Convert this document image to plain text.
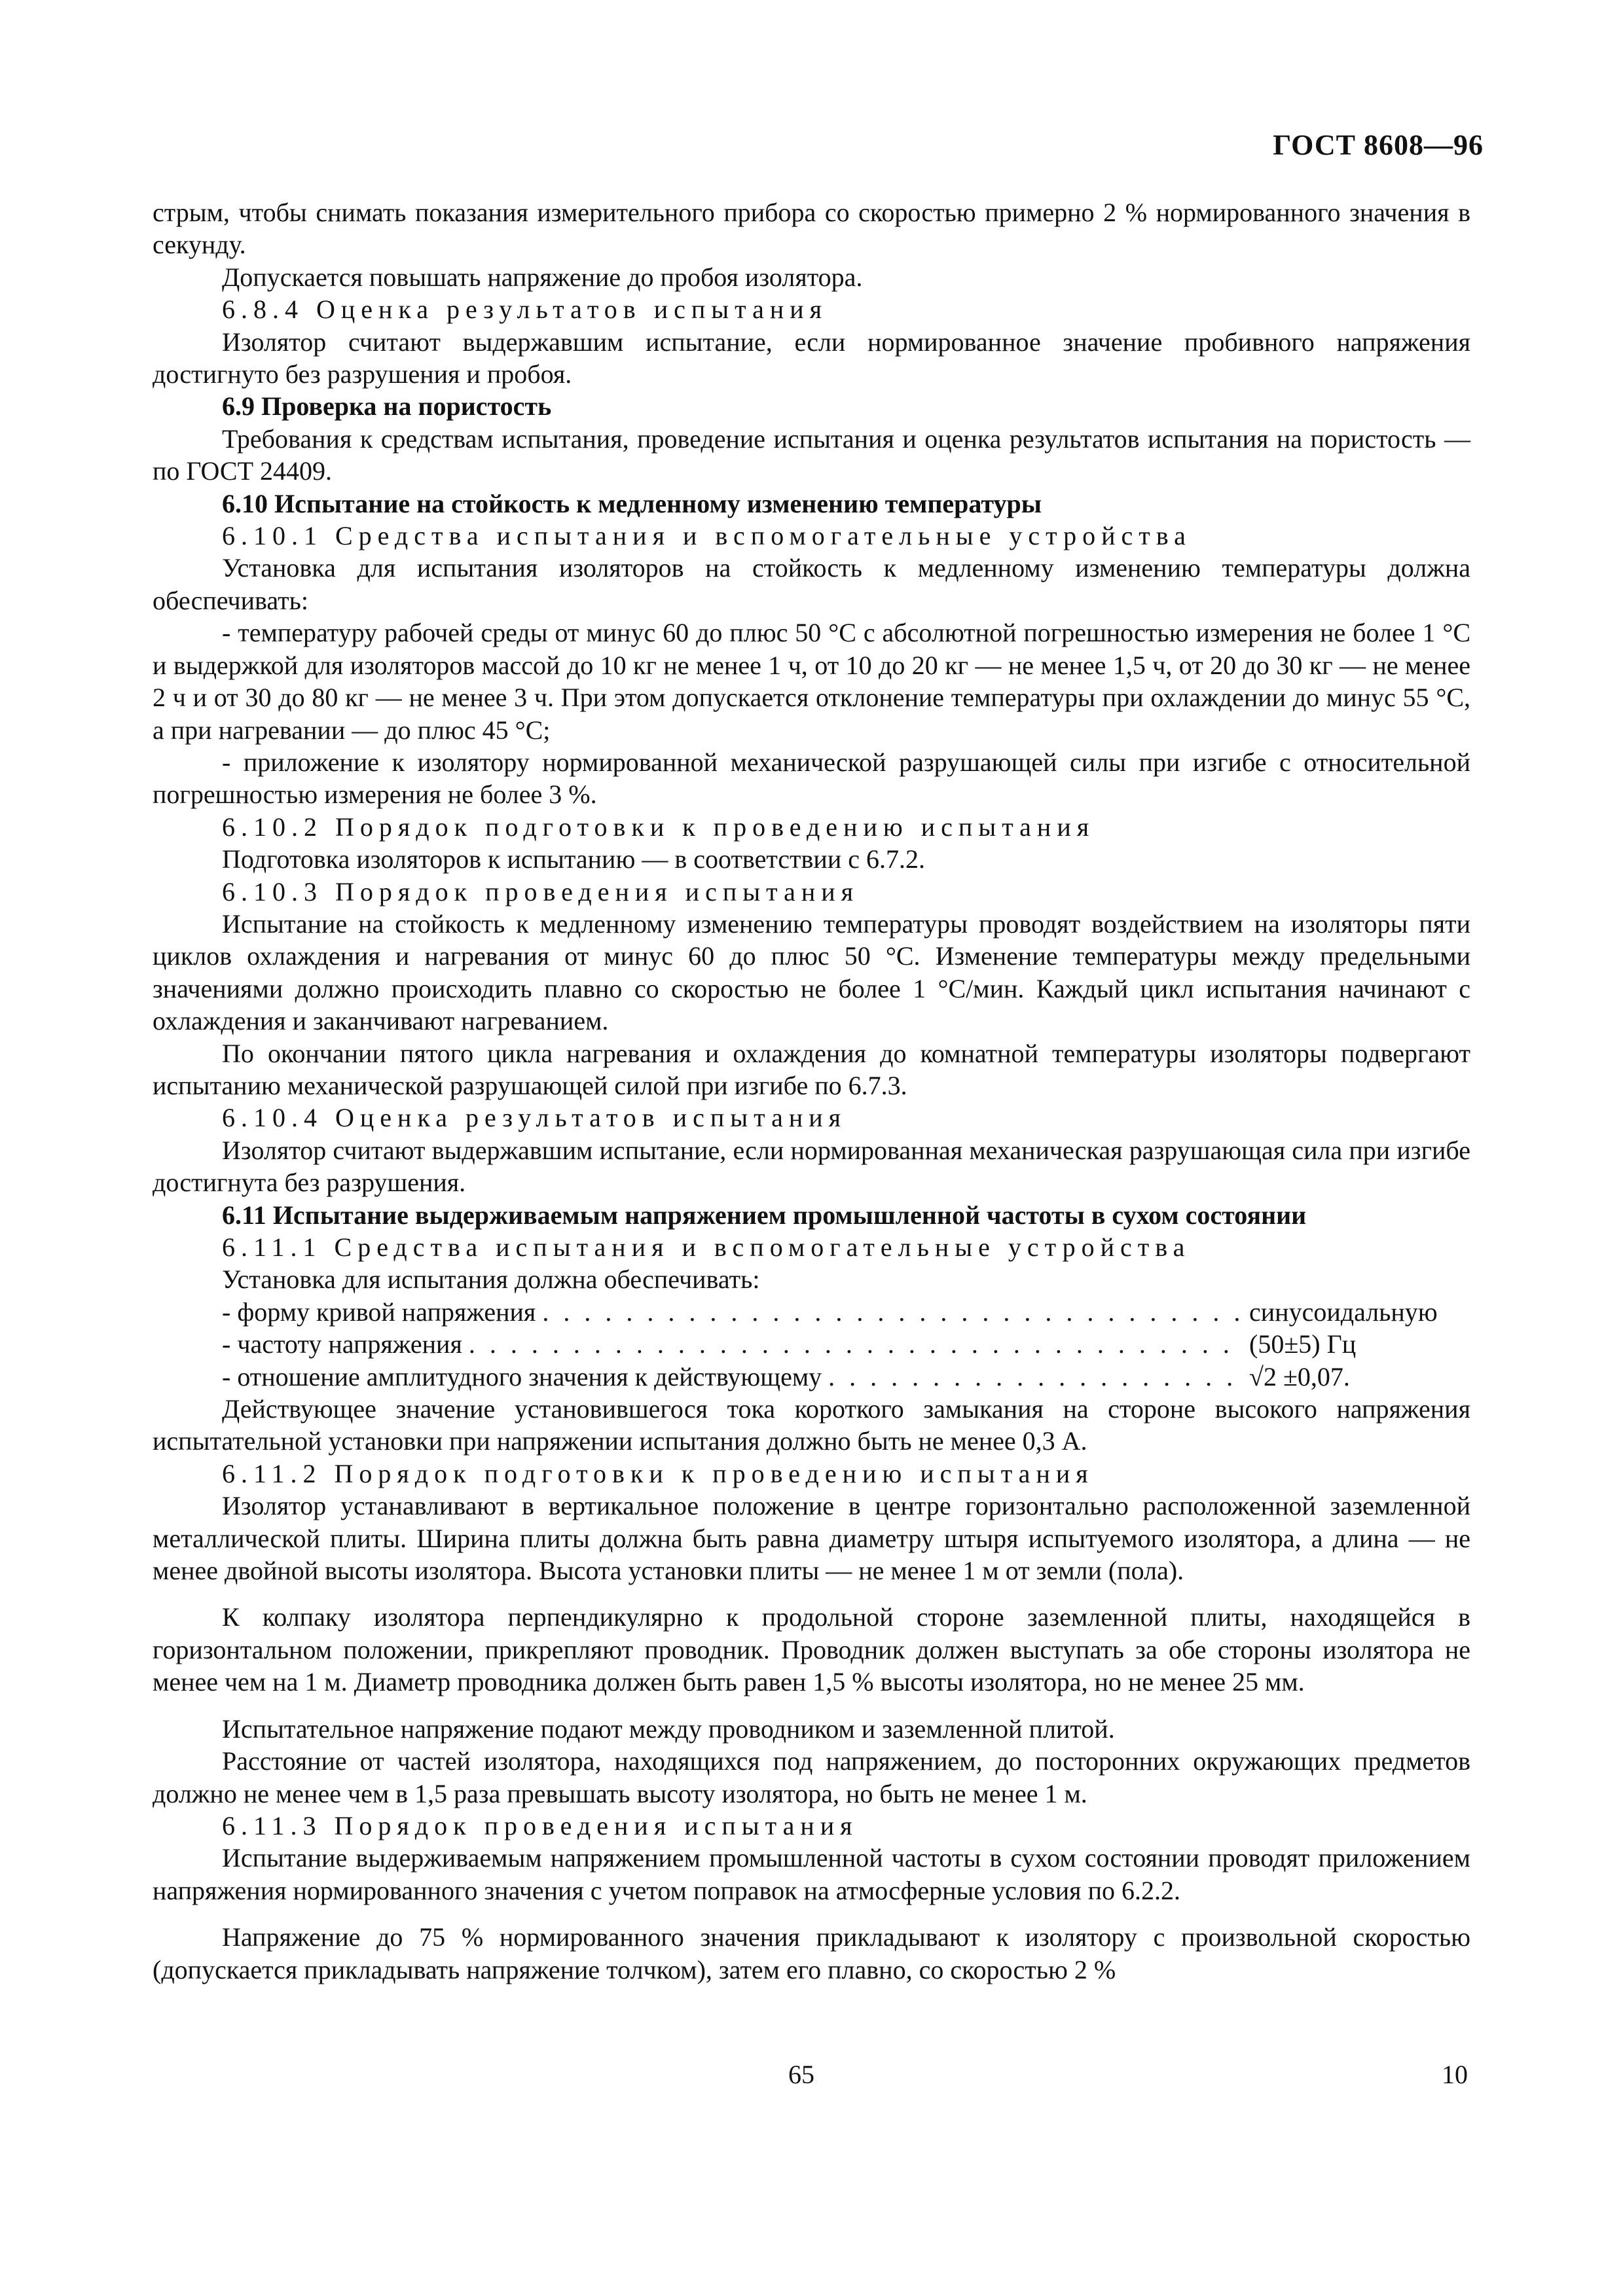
ГОСТ 8608—96

стрым, чтобы снимать показания измерительного прибора со скоростью примерно 2 % нормированного значения в секунду.

Допускается повышать напряжение до пробоя изолятора.

6.8.4 Оценка результатов испытания

Изолятор считают выдержавшим испытание, если нормированное значение пробивного напряжения достигнуто без разрушения и пробоя.

6.9 Проверка на пористость

Требования к средствам испытания, проведение испытания и оценка результатов испытания на пористость — по ГОСТ 24409.

6.10 Испытание на стойкость к медленному изменению температуры

6.10.1 Средства испытания и вспомогательные устройства

Установка для испытания изоляторов на стойкость к медленному изменению температуры должна обеспечивать:

- температуру рабочей среды от минус 60 до плюс 50 °С с абсолютной погрешностью измерения не более 1 °С и выдержкой для изоляторов массой до 10 кг не менее 1 ч, от 10 до 20 кг — не менее 1,5 ч, от 20 до 30 кг — не менее 2 ч и от 30 до 80 кг — не менее 3 ч. При этом допускается отклонение температуры при охлаждении до минус 55 °С, а при нагревании — до плюс 45 °С;

- приложение к изолятору нормированной механической разрушающей силы при изгибе с относительной погрешностью измерения не более 3 %.

6.10.2 Порядок подготовки к проведению испытания

Подготовка изоляторов к испытанию — в соответствии с 6.7.2.

6.10.3 Порядок проведения испытания

Испытание на стойкость к медленному изменению температуры проводят воздействием на изоляторы пяти циклов охлаждения и нагревания от минус 60 до плюс 50 °С. Изменение температуры между предельными значениями должно происходить плавно со скоростью не более 1 °С/мин. Каждый цикл испытания начинают с охлаждения и заканчивают нагреванием.

По окончании пятого цикла нагревания и охлаждения до комнатной температуры изоляторы подвергают испытанию механической разрушающей силой при изгибе по 6.7.3.

6.10.4 Оценка результатов испытания

Изолятор считают выдержавшим испытание, если нормированная механическая разрушающая сила при изгибе достигнута без разрушения.

6.11 Испытание выдерживаемым напряжением промышленной частоты в сухом состоянии

6.11.1 Средства испытания и вспомогательные устройства

Установка для испытания должна обеспечивать:

- форму кривой напряжения . . .	синусоидальную
- частоту напряжения . . .	(50±5) Гц
- отношение амплитудного значения к действующему . . .	√2 ±0,07.

Действующее значение установившегося тока короткого замыкания на стороне высокого напряжения испытательной установки при напряжении испытания должно быть не менее 0,3 А.

6.11.2 Порядок подготовки к проведению испытания

Изолятор устанавливают в вертикальное положение в центре горизонтально расположенной заземленной металлической плиты. Ширина плиты должна быть равна диаметру штыря испытуемого изолятора, а длина — не менее двойной высоты изолятора. Высота установки плиты — не менее 1 м от земли (пола).

К колпаку изолятора перпендикулярно к продольной стороне заземленной плиты, находящейся в горизонтальном положении, прикрепляют проводник. Проводник должен выступать за обе стороны изолятора не менее чем на 1 м. Диаметр проводника должен быть равен 1,5 % высоты изолятора, но не менее 25 мм.

Испытательное напряжение подают между проводником и заземленной плитой.

Расстояние от частей изолятора, находящихся под напряжением, до посторонних окружающих предметов должно не менее чем в 1,5 раза превышать высоту изолятора, но быть не менее 1 м.

6.11.3 Порядок проведения испытания

Испытание выдерживаемым напряжением промышленной частоты в сухом состоянии проводят приложением напряжения нормированного значения с учетом поправок на атмосферные условия по 6.2.2.

Напряжение до 75 % нормированного значения прикладывают к изолятору с произвольной скоростью (допускается прикладывать напряжение толчком), затем его плавно, со скоростью 2 %

65	10
